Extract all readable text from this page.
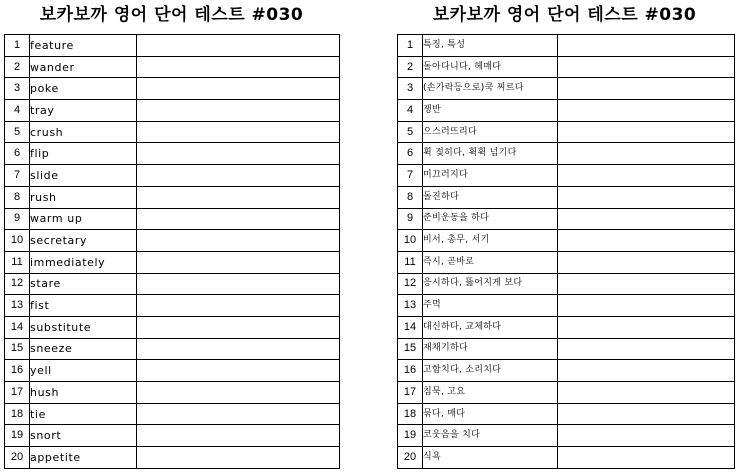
보카보까 영어 단어 테스트 #030
1	feature	
2	wander	
3	poke	
4	tray	
5	crush	
6	flip	
7	slide	
8	rush	
9	warm up	
10	secretary	
11	immediately	
12	stare	
13	fist	
14	substitute	
15	sneeze	
16	yell	
17	hush	
18	tie	
19	snort	
20	appetite	
보카보까 영어 단어 테스트 #030
1	특징, 특성	
2	돌아다니다, 헤매다	
3	(손가락등으로)쿡 찌르다	
4	쟁반	
5	으스러뜨리다	
6	휙 젖히다, 휙휙 넘기다	
7	미끄러지다	
8	돌진하다	
9	준비운동을 하다	
10	비서, 총무, 서기	
11	즉시, 곧바로	
12	응시하다, 뚫어지게 보다	
13	주먹	
14	대신하다, 교체하다	
15	재채기하다	
16	고함치다, 소리치다	
17	침묵, 고요	
18	묶다, 매다	
19	코웃음을 치다	
20	식욕	
